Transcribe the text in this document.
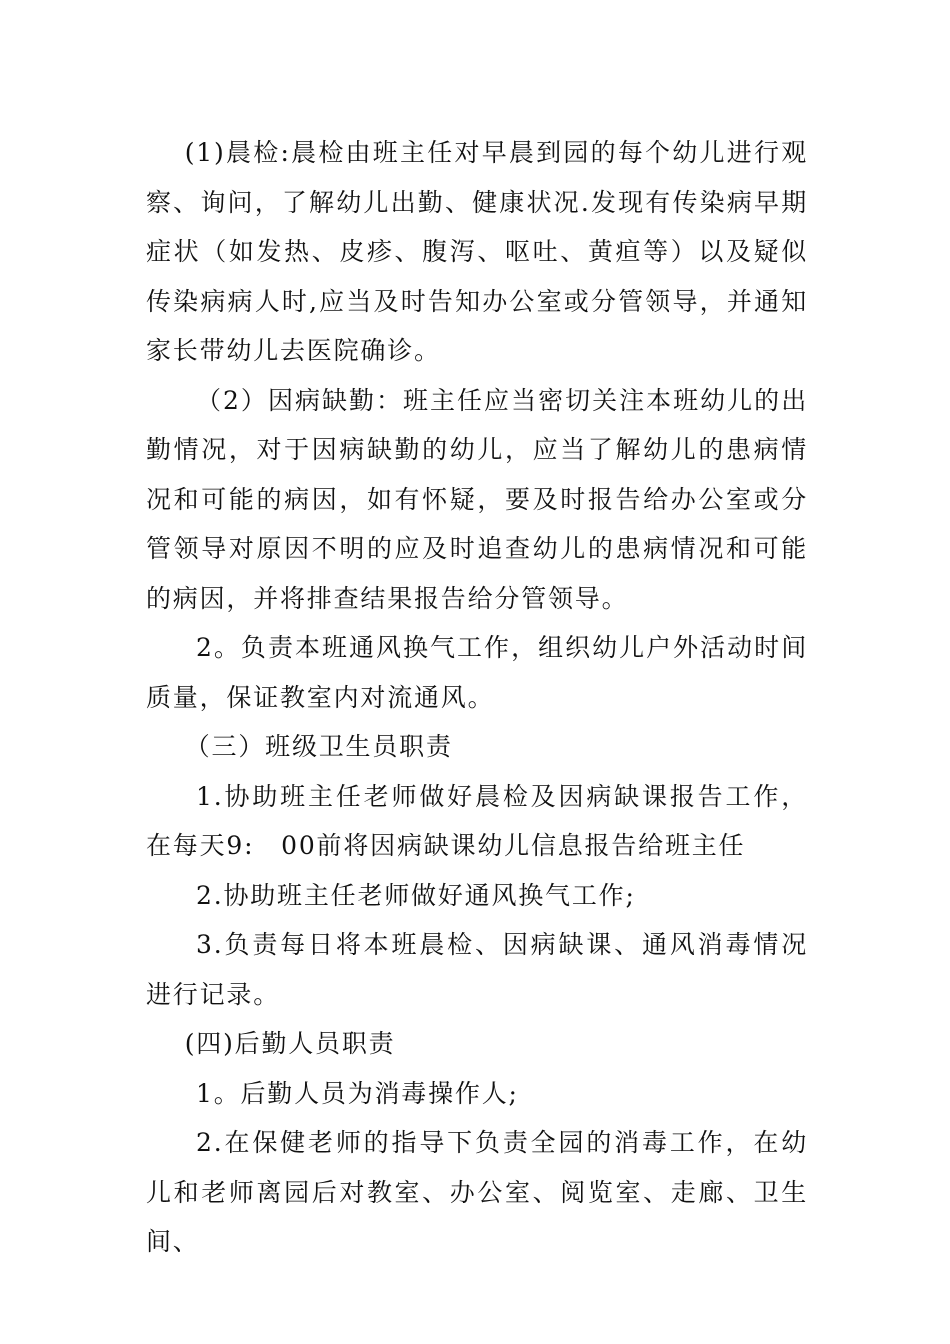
(1)晨检:晨检由班主任对早晨到园的每个幼儿进行观察、询问，了解幼儿出勤、健康状况.发现有传染病早期症状（如发热、皮疹、腹泻、呕吐、黄疸等）以及疑似传染病病人时,应当及时告知办公室或分管领导，并通知家长带幼儿去医院确诊。

（2）因病缺勤：班主任应当密切关注本班幼儿的出勤情况，对于因病缺勤的幼儿，应当了解幼儿的患病情况和可能的病因，如有怀疑，要及时报告给办公室或分管领导对原因不明的应及时追查幼儿的患病情况和可能的病因，并将排查结果报告给分管领导。

2。负责本班通风换气工作，组织幼儿户外活动时间质量，保证教室内对流通风。

（三）班级卫生员职责

1.协助班主任老师做好晨检及因病缺课报告工作，在每天9:　00前将因病缺课幼儿信息报告给班主任

2.协助班主任老师做好通风换气工作;

3.负责每日将本班晨检、因病缺课、通风消毒情况进行记录。

(四)后勤人员职责

1。后勤人员为消毒操作人;

2.在保健老师的指导下负责全园的消毒工作，在幼儿和老师离园后对教室、办公室、阅览室、走廊、卫生间、
